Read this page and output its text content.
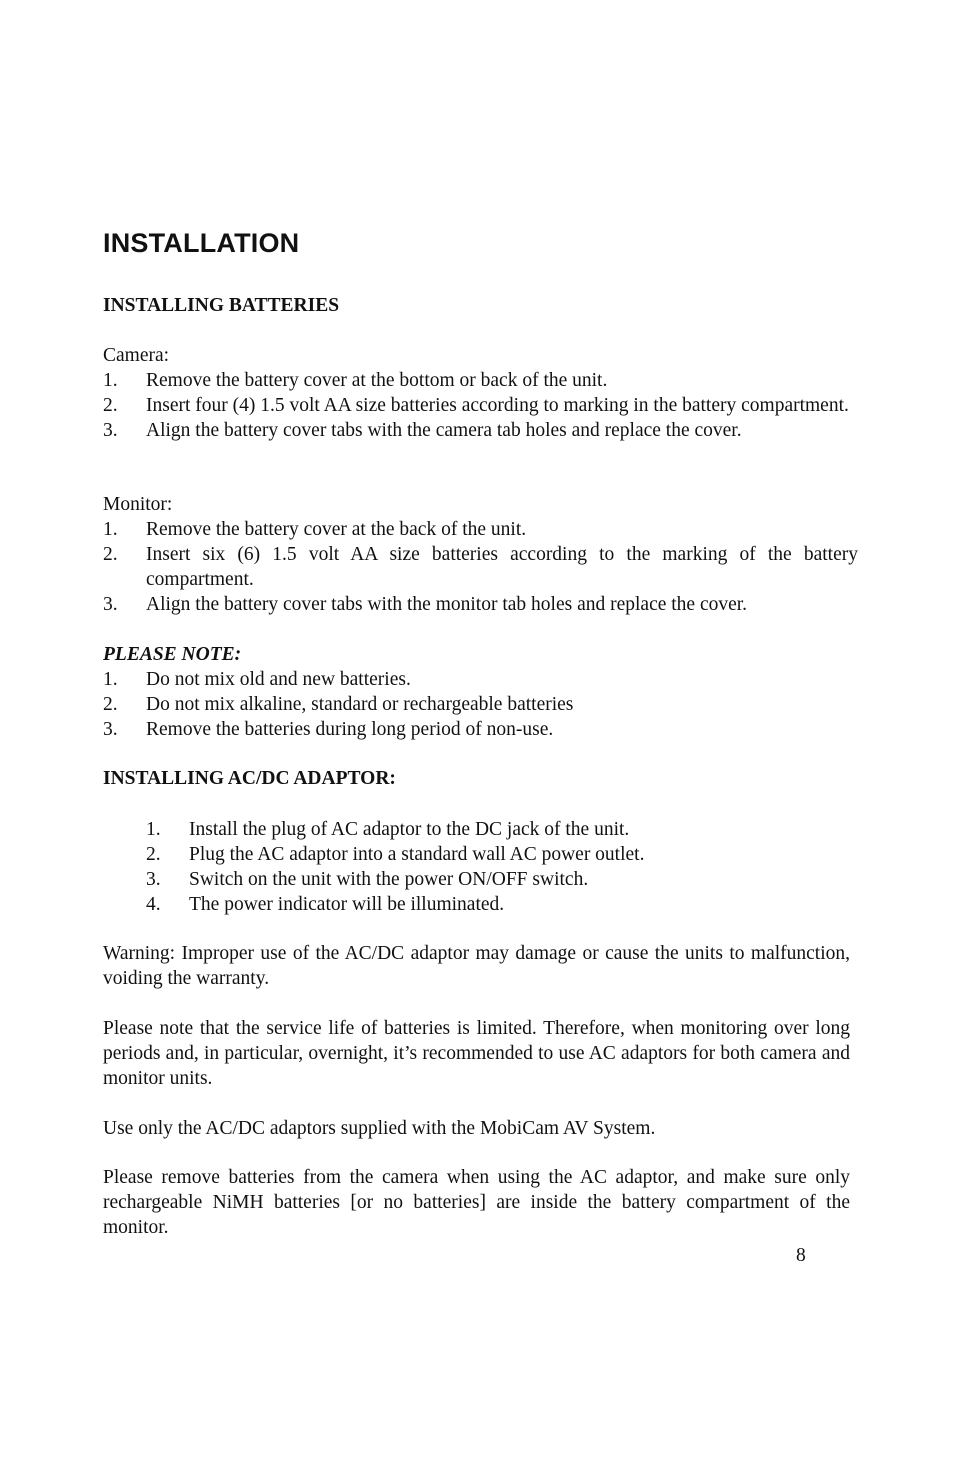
INSTALLATION
INSTALLING BATTERIES

Camera:

1. Remove the battery cover at the bottom or back of the unit.
2. Insert four (4) 1.5 volt AA size batteries according to marking in the battery compartment.
3. Align the battery cover tabs with the camera tab holes and replace the cover.

Monitor:

1. Remove the battery cover at the back of the unit.
2. Insert six (6) 1.5 volt AA size batteries according to the marking of the battery compartment.
3. Align the battery cover tabs with the monitor tab holes and replace the cover.

PLEASE NOTE:

1. Do not mix old and new batteries.
2. Do not mix alkaline, standard or rechargeable batteries
3. Remove the batteries during long period of non-use.
INSTALLING AC/DC ADAPTOR:
1. Install the plug of AC adaptor to the DC jack of the unit.
2. Plug the AC adaptor into a standard wall AC power outlet.
3. Switch on the unit with the power ON/OFF switch.
4. The power indicator will be illuminated.

Warning: Improper use of the AC/DC adaptor may damage or cause the units to malfunction, voiding the warranty.

Please note that the service life of batteries is limited. Therefore, when monitoring over long periods and, in particular, overnight, it’s recommended to use AC adaptors for both camera and monitor units.

Use only the AC/DC adaptors supplied with the MobiCam AV System.

Please remove batteries from the camera when using the AC adaptor, and make sure only rechargeable NiMH batteries [or no batteries] are inside the battery compartment of the monitor.

8
